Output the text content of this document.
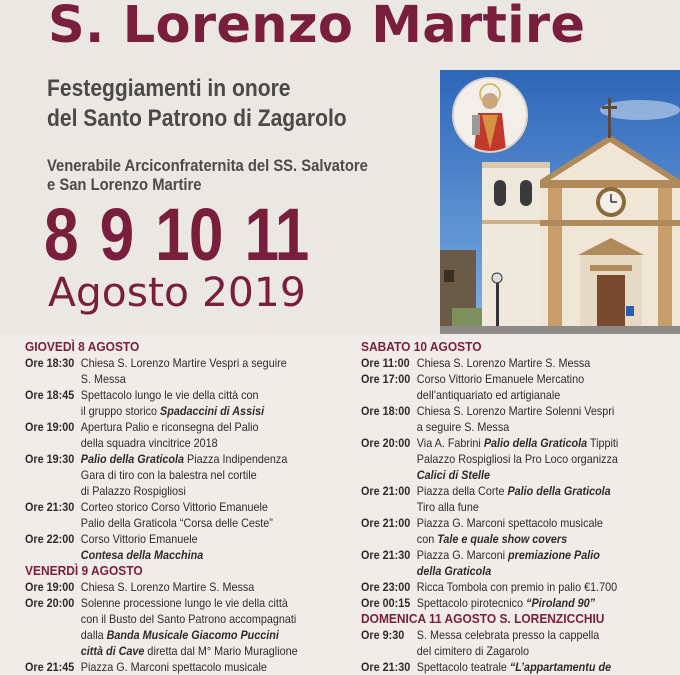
S. Lorenzo Martire
Festeggiamenti in onore
del Santo Patrono di Zagarolo
Venerabile Arciconfraternita del SS. Salvatore
e San Lorenzo Martire
8 9 10 11
Agosto 2019
GIOVEDÌ 8 AGOSTO
Ore 18:30 Chiesa S. Lorenzo Martire Vespri a seguire
S. Messa
Ore 18:45 Spettacolo lungo le vie della città con
il gruppo storico Spadaccini di Assisi
Ore 19:00 Apertura Palio e riconsegna del Palio
della squadra vincitrice 2018
Ore 19:30 Palio della Graticola Piazza Indipendenza
Gara di tiro con la balestra nel cortile
di Palazzo Rospigliosi
Ore 21:30 Corteo storico Corso Vittorio Emanuele
Palio della Graticola “Corsa delle Ceste”
Ore 22:00 Corso Vittorio Emanuele
Contesa della Macchina
VENERDÌ 9 AGOSTO
Ore 19:00 Chiesa S. Lorenzo Martire S. Messa
Ore 20:00 Solenne processione lungo le vie della città
con il Busto del Santo Patrono accompagnati
dalla Banda Musicale Giacomo Puccini
città di Cave diretta dal M° Mario Muraglione
Ore 21:45 Piazza G. Marconi spettacolo musicale
SABATO 10 AGOSTO
Ore 11:00 Chiesa S. Lorenzo Martire S. Messa
Ore 17:00 Corso Vittorio Emanuele Mercatino
dell’antiquariato ed artigianale
Ore 18:00 Chiesa S. Lorenzo Martire Solenni Vespri
a seguire S. Messa
Ore 20:00 Via A. Fabrini Palio della Graticola Tippiti
Palazzo Rospigliosi la Pro Loco organizza
Calici di Stelle
Ore 21:00 Piazza della Corte Palio della Graticola
Tiro alla fune
Ore 21:00 Piazza G. Marconi spettacolo musicale
con Tale e quale show covers
Ore 21:30 Piazza G. Marconi premiazione Palio
della Graticola
Ore 23:00 Ricca Tombola con premio in palio €1.700
Ore 00:15 Spettacolo pirotecnico “Piroland 90”
DOMENICA 11 AGOSTO S. LORENZICCHIU
Ore 9:30 S. Messa celebrata presso la cappella
del cimitero di Zagarolo
Ore 21:30 Spettacolo teatrale “L’appartamentu de
